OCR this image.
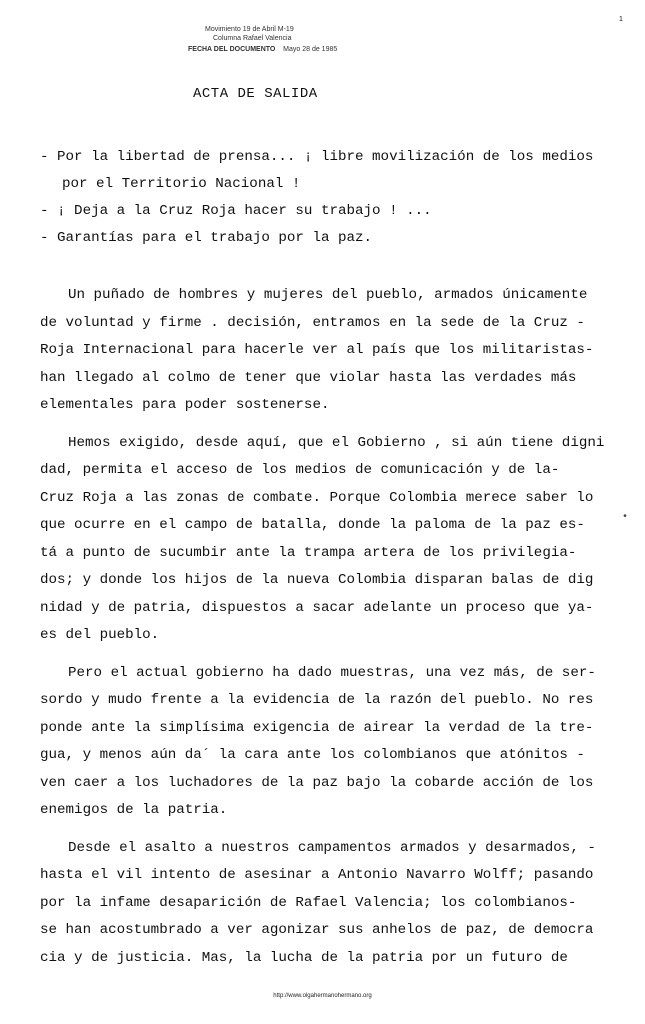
Movimiento 19 de Abril M-19
Columna Rafael Valencia
FECHA DEL DOCUMENTO Mayo 28 de 1985
1
ACTA DE SALIDA
- Por la libertad de prensa... ¡ libre movilización de los medios
por el Territorio Nacional !
- ¡ Deja a la Cruz Roja hacer su trabajo ! ...
- Garantías para el trabajo por la paz.
Un puñado de hombres y mujeres del pueblo, armados únicamente
de voluntad y firme . decisión, entramos en la sede de la Cruz -
Roja Internacional para hacerle ver al país que los militaristas-
han llegado al colmo de tener que violar hasta las verdades más
elementales para poder sostenerse.
Hemos exigido, desde aquí, que el Gobierno , si aún tiene digni
dad, permita el acceso de los medios de comunicación y de la-
Cruz Roja a las zonas de combate. Porque Colombia merece saber lo
que ocurre en el campo de batalla, donde la paloma de la paz es-
tá a punto de sucumbir ante la trampa artera de los privilegia-
dos; y donde los hijos de la nueva Colombia disparan balas de dig
nidad y de patria, dispuestos a sacar adelante un proceso que ya-
es del pueblo.
Pero el actual gobierno ha dado muestras, una vez más, de ser-
sordo y mudo frente a la evidencia de la razón del pueblo. No res
ponde ante la simplísima exigencia de airear la verdad de la tre-
gua, y menos aún da´ la cara ante los colombianos que atónitos -
ven caer a los luchadores de la paz bajo la cobarde acción de los
enemigos de la patria.
Desde el asalto a nuestros campamentos armados y desarmados, -
hasta el vil intento de asesinar a Antonio Navarro Wolff; pasando
por la infame desaparición de Rafael Valencia; los colombianos-
se han acostumbrado a ver agonizar sus anhelos de paz, de democra
cia y de justicia. Mas, la lucha de la patria por un futuro de
•
http://www.olgahermanohermano.org
